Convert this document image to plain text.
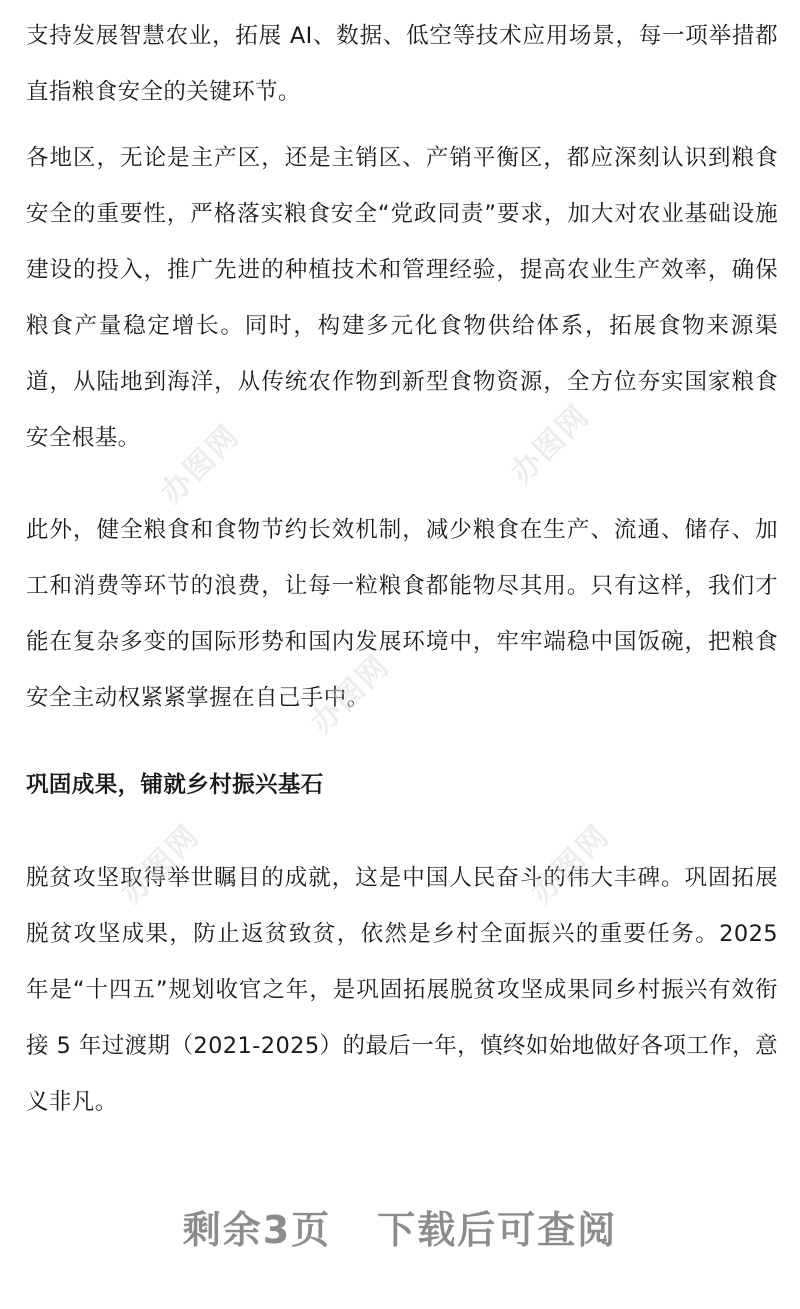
支持发展智慧农业，拓展 AI、数据、低空等技术应用场景，每一项举措都直指粮食安全的关键环节。

各地区，无论是主产区，还是主销区、产销平衡区，都应深刻认识到粮食安全的重要性，严格落实粮食安全“党政同责”要求，加大对农业基础设施建设的投入，推广先进的种植技术和管理经验，提高农业生产效率，确保粮食产量稳定增长。同时，构建多元化食物供给体系，拓展食物来源渠道，从陆地到海洋，从传统农作物到新型食物资源，全方位夯实国家粮食安全根基。

此外，健全粮食和食物节约长效机制，减少粮食在生产、流通、储存、加工和消费等环节的浪费，让每一粒粮食都能物尽其用。只有这样，我们才能在复杂多变的国际形势和国内发展环境中，牢牢端稳中国饭碗，把粮食安全主动权紧紧掌握在自己手中。

巩固成果，铺就乡村振兴基石

脱贫攻坚取得举世瞩目的成就，这是中国人民奋斗的伟大丰碑。巩固拓展脱贫攻坚成果，防止返贫致贫，依然是乡村全面振兴的重要任务。2025 年是“十四五”规划收官之年，是巩固拓展脱贫攻坚成果同乡村振兴有效衔接 5 年过渡期（2021-2025）的最后一年，慎终如始地做好各项工作，意义非凡。

剩余3页 下载后可查阅
办图网	办图网
办图网
办图网	办图网
